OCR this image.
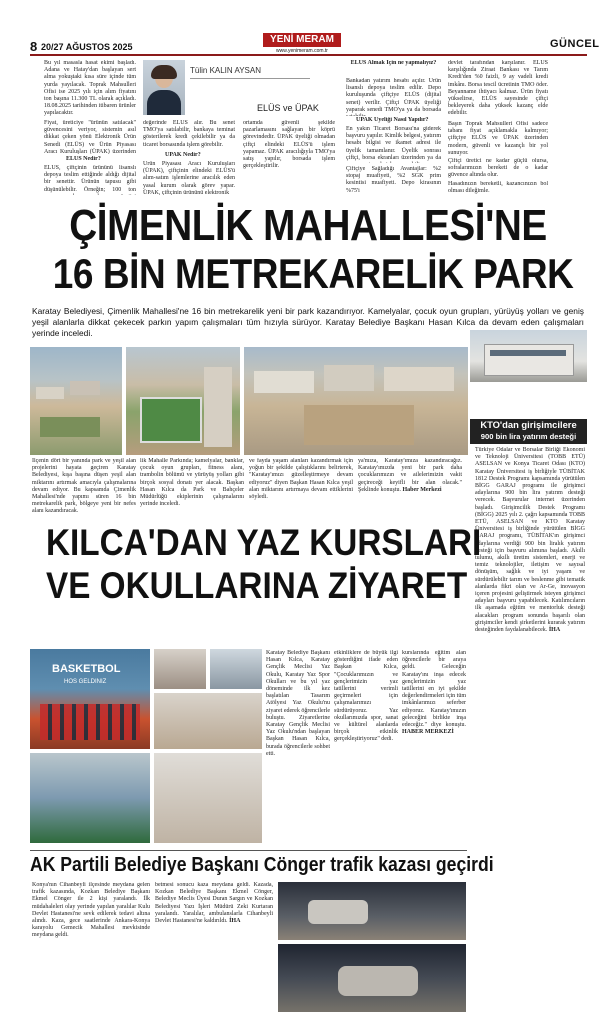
8 20/27 AĞUSTOS 2025
YENİ MERAM
www.yenimeram.com.tr
GÜNCEL
Bu yıl masasla hasat ekimi başladı. Adana ve Hatay'dan başlayan sert alma yokuştaki kısa süre içinde tüm yurda yayılacak. Toprak Mahsulleri Ofisi ise 2025 yılı için alım fiyatını ton başına 11.300 TL olarak açıkladı. 18.08.2025 tarihinden itibaren ürünler yapılacaktır.
Fiyat, üreticiye "ürünün satılacak" güvencesini veriyor, sistemin asıl dikkat çeken yönü Elektronik Ürün Senedi (ELÜS) ve Ürün Piyasası Aracı Kuruluşları (ÜPAK) üzerinden
ELÜS Nedir?
ELÜS, çiftçinin ürününü lisanslı depoya teslim ettiğinde aldığı dijital bir senettir. Ürünün tapusu gibi düşünülebilir. Örneğin; 100 ton
Tülin KALIN AYSAN
ELÜS ve ÜPAK
değerinde ELÜS alır. Bu senet TMO'ya satılabilir, bankaya teminat gösterilerek kredi çekilebilir ya da ticaret borsasında işlem görebilir.
ÜPAK Nedir?
Ürün Piyasası Aracı Kuruluşları (ÜPAK), çiftçinin elindeki ELÜS'ü alım-satım işlemlerine aracılık eden yasal kurum olarak görev yapar. ÜPAK, çiftçinin ürününü elektronik
ortamda güvenli şekilde pazarlamasını sağlayan bir köprü görevindedir. ÜPAK üyeliği olmadan çiftçi elindeki ELÜS'ü işlem yapamaz. ÜPAK aracılığıyla TMO'ya satış yapılır, borsada işlem gerçekleştirilir.
ELÜS Almak İçin ne yapmalıyız?
Bankadan yatırım hesabı açılır. Ürün lisanslı depoya teslim edilir. Depo kuruluşunda çiftçiye ELÜS (dijital senet) verilir. Çiftçi ÜPAK üyeliği yaparak senedi TMO'ya ya da borsada
ÜPAK Üyeliği Nasıl Yapılır?
En yakın Ticaret Borsası'na giderek başvuru yapılır. Kimlik belgesi, yatırım hesabı bilgisi ve ikamet adresi ile üyelik tamamlanır. Üyelik sonrası çiftçi, borsa ekranları üzerinden ya da
Çiftçiye Sağladığı Avantajlar: %2 stopaj muafiyeti, %2 SGK prim kesintisi muafiyeti. Depo kirasının %75'i
devlet tarafından karşılanır. ELÜS karşılığında Ziraat Bankası ve Tarım Kredi'den %0 faizli, 9 ay vadeli kredi imkânı. Borsa tescil ücretinin TMO öder. Beyanname ihtiyacı kalmaz. Ürün fiyatı yükselirse, ELÜS sayesinde çiftçi bekleyerek daha yüksek kazanç elde edebilir.
Başın Toprak Mahsulleri Ofisi sadece tabanı fiyat açıklamakla kalmıyor; çiftçiye ELÜS ve ÜPAK üzerinden modern, güvenli ve kazançlı bir yol sunuyor.
Çiftçi üretici ne kadar güçlü olursa, sofralarımızın bereketi de o kadar güvence altında olur.
Hasadınızın bereketli, kazancınızın bol olması dileğimle.
ÇİMENLİK MAHALLESİ'NE
16 BİN METREKARELİK PARK
Karatay Belediyesi, Çimenlik Mahallesi'ne 16 bin metrekarelik yeni bir park kazandırıyor. Kamelyalar, çocuk oyun grupları, yürüyüş yolları ve geniş yeşil alanlarla dikkat çekecek parkın yapım çalışmaları tüm hızıyla sürüyor. Karatay Belediye Başkanı Hasan Kılca da devam eden çalışmaları yerinde inceledi.
KTO'dan girişimcilere
900 bin lira yatırım desteği
İlçenin dört bir yanında park ve yeşil alan projelerini hayata geçiren Karatay Belediyesi, kışa başına düşen yeşil alan miktarını artırmak amacıyla çalışmalarına devam ediyor. Bu kapsamda Çimenlik Mahallesi'nde yapımı süren 16 bin metrekarelik park, bölgeye yeni bir nefes alanı kazandıracak.
lik Mahalle Parkında; kamelyalar, banklar, çocuk oyun grupları, fitness alanı, trambolin bölümü ve yürüyüş yolları gibi birçok sosyal donatı yer alacak. Başkan Hasan Kılca da Park ve Bahçeler Müdürlüğü ekiplerinin çalışmalarını yerinde inceledi.
ve fayda yaşam alanları kazandırmak için yoğun bir şekilde çalıştıklarını belirterek, "Karatay'ımızı güzelleştirmeye devam ediyoruz" diyen Başkan Hasan Kılca yeşil alan miktarını artırmaya devam ettiklerini söyledi.
ya'mıza, Karatay'ımıza kazandıracağız. Karatay'ımızda yeni bir park daha çocuklarımızın ve ailelerimizin vakit geçireceği keyifli bir alan olacak." Şeklinde konuştu. Haber Merkezi
Türkiye Odalar ve Borsalar Birliği Ekonomi ve Teknoloji Üniversitesi (TOBB ETÜ) ASELSAN ve Konya Ticaret Odası (KTO) Karatay Üniversitesi iş birliğiyle TÜBİTAK 1812 Destek Programı kapsamında yürütülen BİGG GARAJ programı ile girişimci adaylarına 900 bin lira yatırım desteği verecek. Başvurular internet üzerinden başladı. Girişimcilik Destek Programı (BİGG) 2025 yılı 2. çağrı kapsamında TOBB ETÜ, ASELSAN ve KTO Karatay Üniversitesi iş birliğinde yürütülen BİGG GARAJ programı, TÜBİTAK'ın girişimci adaylarına verdiği 900 bin liralık yatırım desteği için başvuru alımına başladı. Akıllı tulumu, akıllı üretim sistemleri, enerji ve temiz teknolojiler, iletişim ve sayısal dönüşüm, sağlık ve iyi yaşam ve sürdürülebilir tarım ve beslenme gibi tematik alanlarda fikri olan ve Ar-Ge, inovasyon içeren projesini geliştirmek isteyen girişimci adayları başvuru yapabilecek. Katılımcıların ilk aşamada eğitim ve mentorluk desteği alacakları program sonunda başarılı olan girişimciler kendi şirketlerini kurarak yatırım desteğinden faydalanabilecek. İHA
KILCA'DAN YAZ KURSLARI
VE OKULLARINA ZİYARET
BASKETBOL
HOS GELDINIZ
Karatay Belediye Başkanı Hasan Kılca, Karatay Gençlik Meclisi Yaz Okulu, Karatay Yaz Spor Okulları ve bu yıl yaz döneminde ilk kez başlatılan Tasarım Atölyesi Yaz Okulu'nu ziyaret ederek öğrencilerle buluştu. Ziyaretlerine Karatay Gençlik Meclisi Yaz Okulu'ndan başlayan Başkan Hasan Kılca, burada öğrencilerle sohbet etti.
etkinliklere de büyük ilgi gösterdiğini ifade eden Başkan Kılca, "Çocuklarımızın ve gençlerimizin yaz tatillerini verimli geçirmeleri için çalışmalarımızı sürdürüyoruz. Yaz okullarımızda spor, sanat ve kültürel alanlarda birçok etkinlik gerçekleştiriyoruz" dedi.
kurslarında eğitim alan öğrencilerle bir araya geldi. Geleceğin Karatay'ını inşa edecek gençlerimizin yaz tatillerini en iyi şekilde değerlendirmeleri için tüm imkânlarımızı seferber ediyoruz. Karatay'ımızın geleceğini birlikte inşa edeceğiz." diye konuştu. HABER MERKEZİ
AK Partili Belediye Başkanı Cönger trafik kazası geçirdi
Konya'nın Cihanbeyli ilçesinde meydana gelen trafik kazasında, Kozkan Belediye Başkanı Ekmel Cönger ile 2 kişi yaralandı. İlk müdahaleleri olay yerinde yapılan yaralılar Kulu Devlet Hastanesi'ne sevk edilerek tedavi altına alındı. Kaza, gece saatlerinde Ankara-Konya karayolu Gemecik Mahallesi mevkisinde meydana geldi.
betmesi sonucu kaza meydana geldi. Kazada, Kozkan Belediye Başkanı Ekmel Cönger, Belediye Meclis Üyesi Duran Sargın ve Kozkan Belediyesi Yazı İşleri Müdürü Zeki Kurtaran yaralandı. Yaralılar, ambulanslarla Cihanbeyli Devlet Hastanesi'ne kaldırıldı. İHA
